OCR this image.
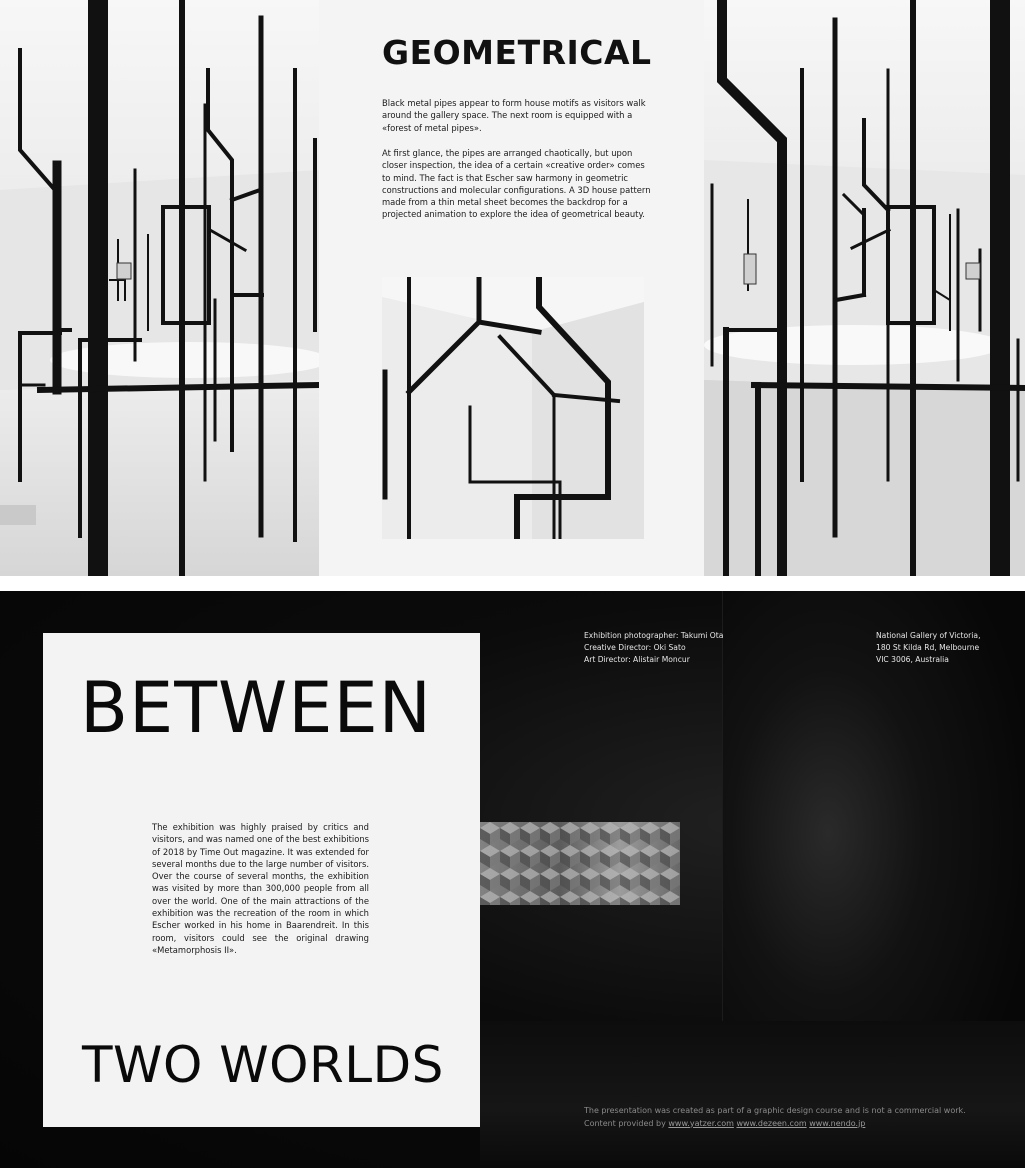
GEOMETRICAL

Black metal pipes appear to form house motifs as visitors walk around the gallery space. The next room is equipped with a «forest of metal pipes».

At first glance, the pipes are arranged chaotically, but upon closer inspection, the idea of a certain «creative order» comes to mind. The fact is that Escher saw harmony in geometric constructions and molecular configurations. A 3D house pattern made from a thin metal sheet becomes the backdrop for a projected animation to explore the idea of geometrical beauty.

BETWEEN

The exhibition was highly praised by critics and visitors, and was named one of the best exhibitions of 2018 by Time Out magazine. It was extended for several months due to the large number of visitors. Over the course of several months, the exhibition was visited by more than 300,000 people from all over the world. One of the main attractions of the exhibition was the recreation of the room in which Escher worked in his home in Baarendreit. In this room, visitors could see the original drawing «Metamorphosis II».

TWO WORLDS
Exhibition photographer: Takumi Ota
Creative Director: Oki Sato
Art Director: Alistair Moncur
National Gallery of Victoria,
180 St Kilda Rd, Melbourne
VIC 3006, Australia
The presentation was created as part of a graphic design course and is not a commercial work.
Content provided by www.yatzer.com www.dezeen.com www.nendo.jp
